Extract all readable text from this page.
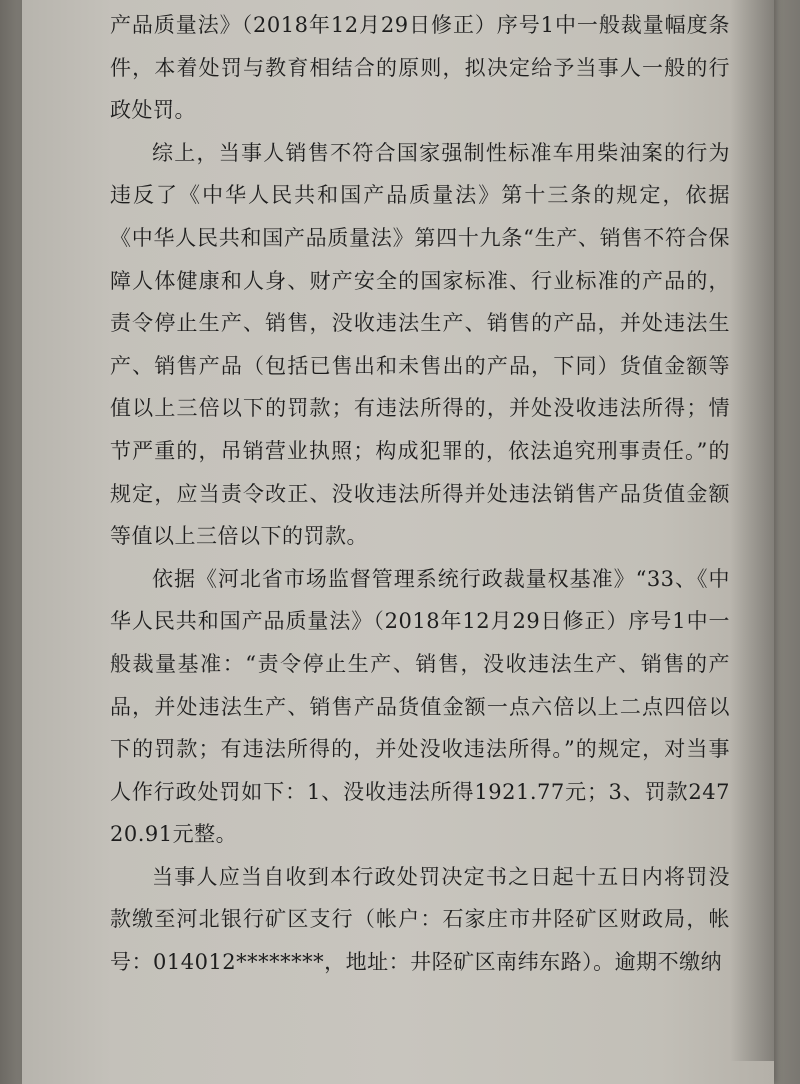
产品质量法》（2018年12月29日修正）序号1中一般裁量幅度条件，本着处罚与教育相结合的原则，拟决定给予当事人一般的行政处罚。

综上，当事人销售不符合国家强制性标准车用柴油案的行为违反了《中华人民共和国产品质量法》第十三条的规定，依据《中华人民共和国产品质量法》第四十九条“生产、销售不符合保障人体健康和人身、财产安全的国家标准、行业标准的产品的，责令停止生产、销售，没收违法生产、销售的产品，并处违法生产、销售产品（包括已售出和未售出的产品，下同）货值金额等值以上三倍以下的罚款；有违法所得的，并处没收违法所得；情节严重的，吊销营业执照；构成犯罪的，依法追究刑事责任。”的规定，应当责令改正、没收违法所得并处违法销售产品货值金额等值以上三倍以下的罚款。

依据《河北省市场监督管理系统行政裁量权基准》“33、《中华人民共和国产品质量法》（2018年12月29日修正）序号1中一般裁量基准：“责令停止生产、销售，没收违法生产、销售的产品，并处违法生产、销售产品货值金额一点六倍以上二点四倍以下的罚款；有违法所得的，并处没收违法所得。”的规定，对当事人作行政处罚如下：1、没收违法所得1921.77元；3、罚款24720.91元整。

当事人应当自收到本行政处罚决定书之日起十五日内将罚没款缴至河北银行矿区支行（帐户：石家庄市井陉矿区财政局，帐号：014012********，地址：井陉矿区南纬东路）。逾期不缴纳
